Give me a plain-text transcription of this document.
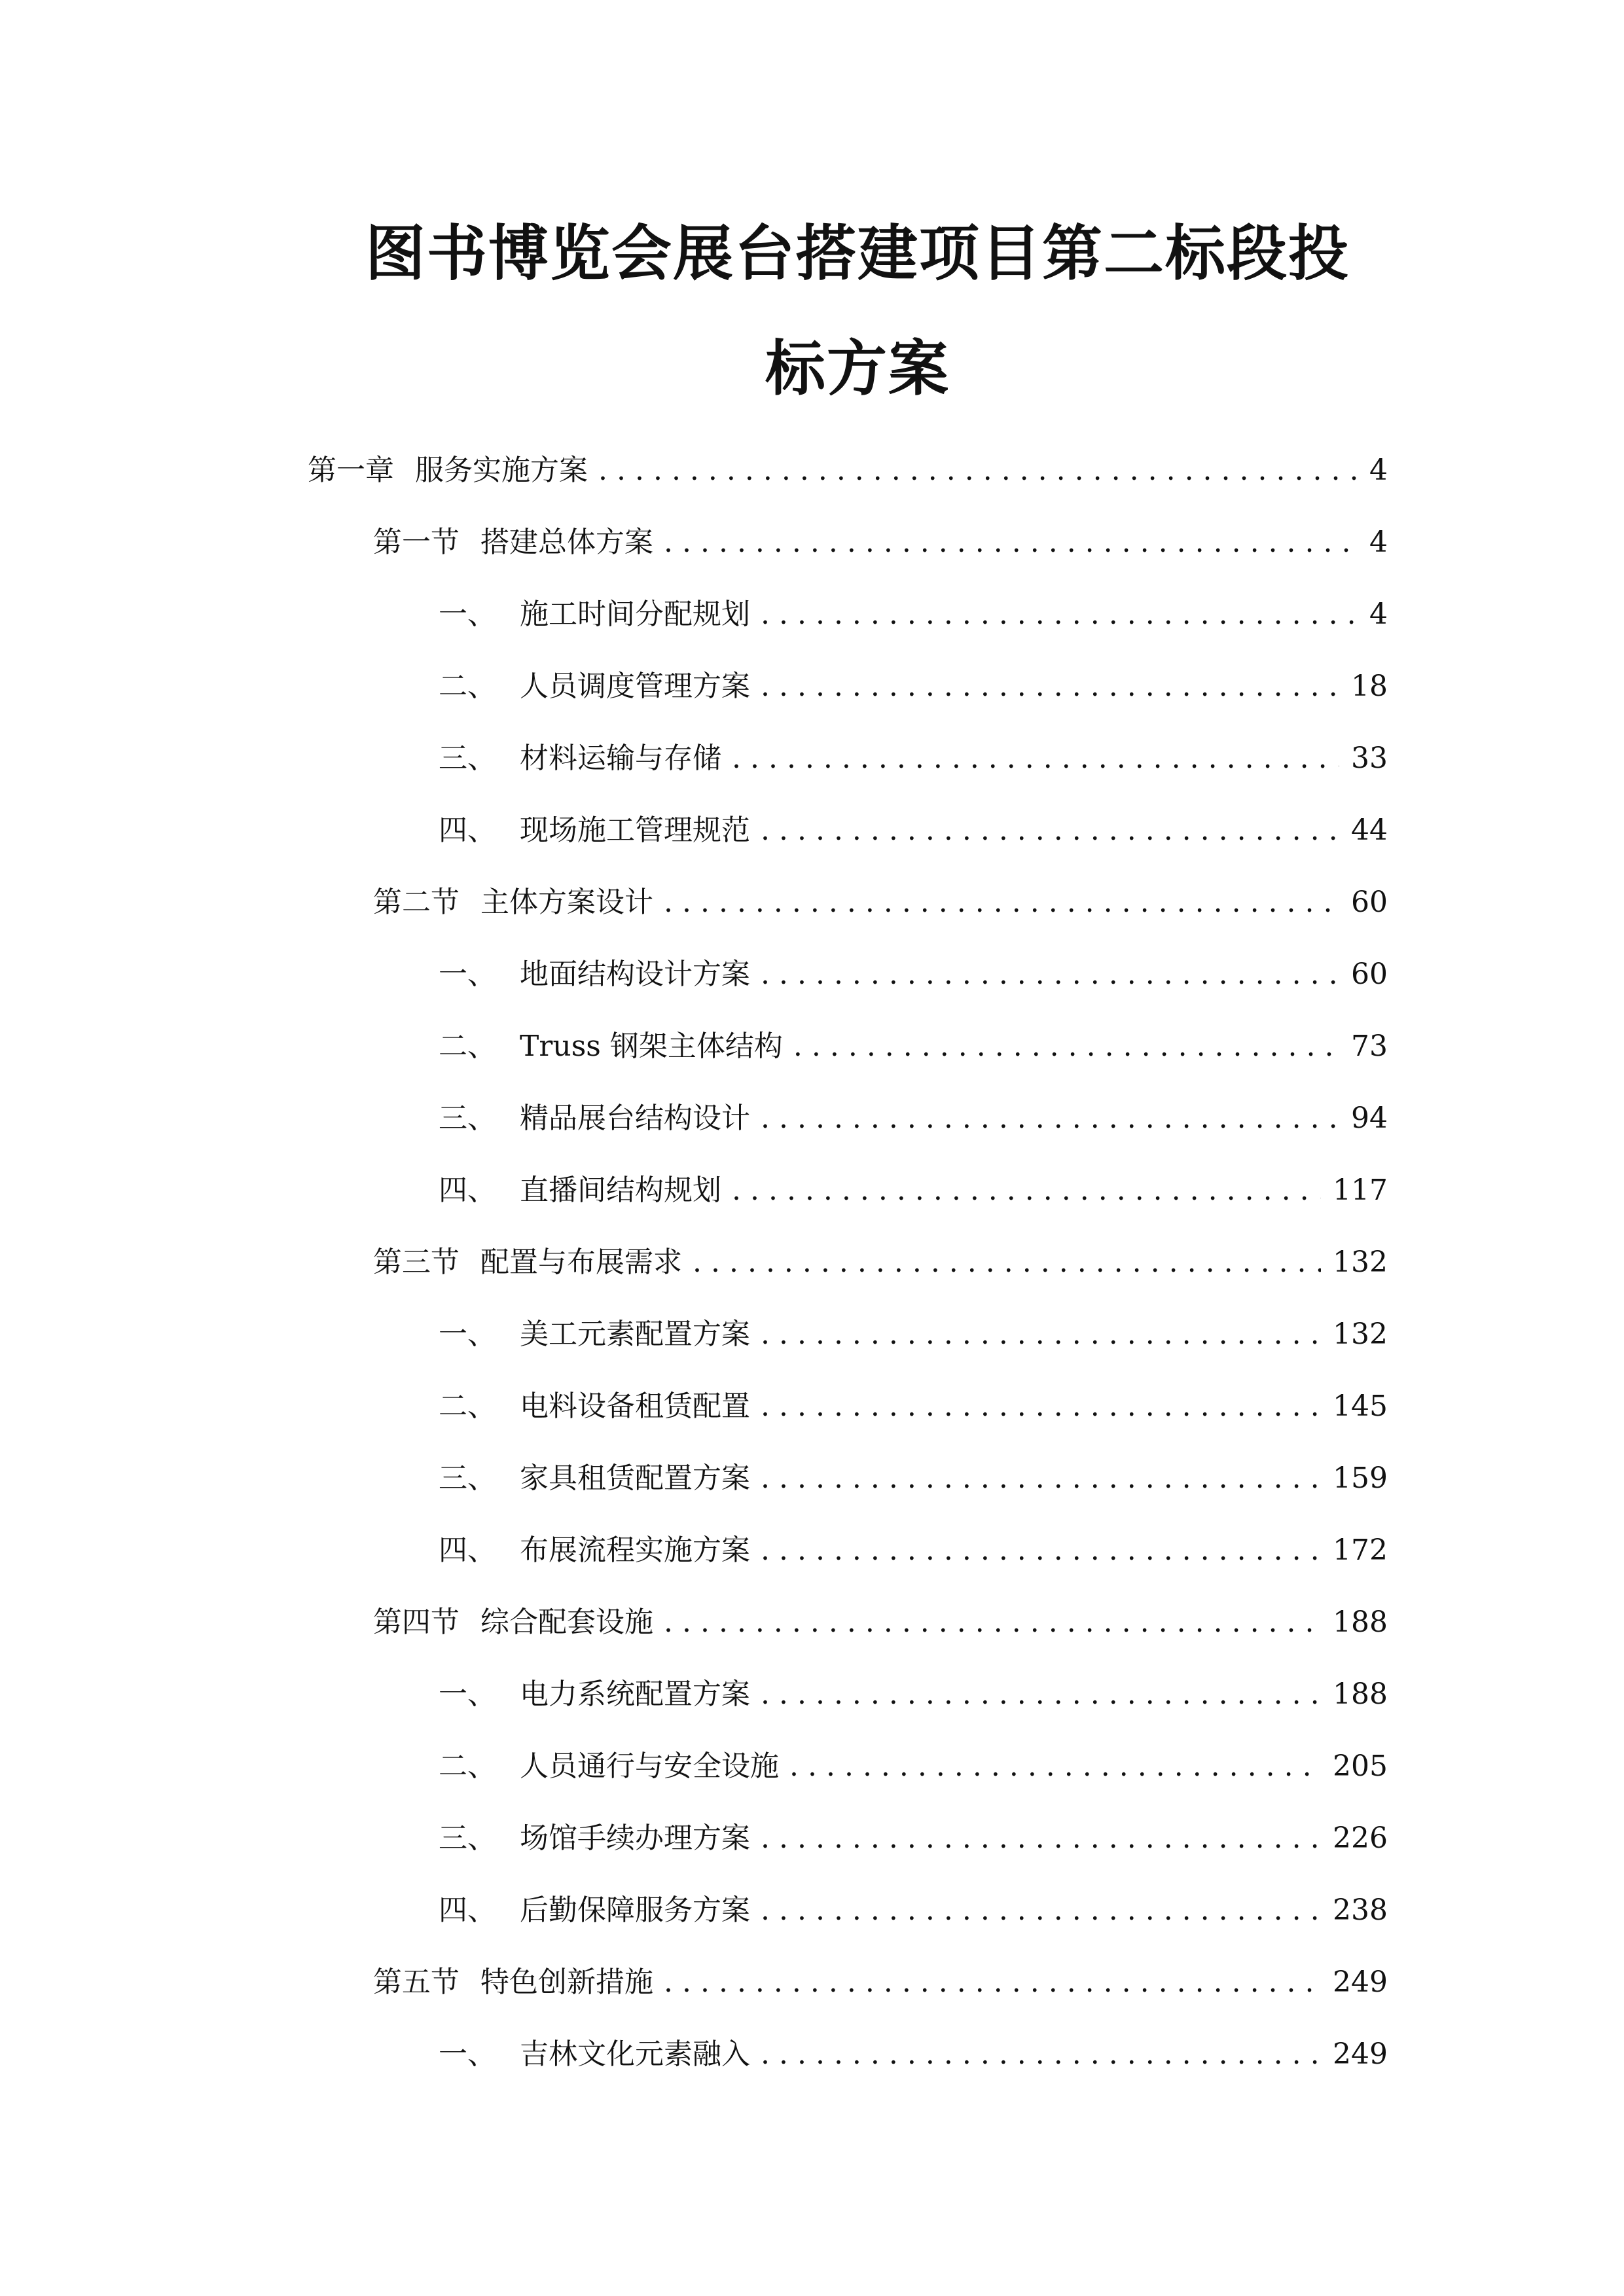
图书博览会展台搭建项目第二标段投
标方案
第一章 服务实施方案 .....	4
第一节 搭建总体方案 .....	4
一、 施工时间分配规划 .....	4
二、 人员调度管理方案 .....	18
三、 材料运输与存储 .....	33
四、 现场施工管理规范 .....	44
第二节 主体方案设计 .....	60
一、 地面结构设计方案 .....	60
二、 Truss 钢架主体结构 .....	73
三、 精品展台结构设计 .....	94
四、 直播间结构规划 .....	117
第三节 配置与布展需求 .....	132
一、 美工元素配置方案 .....	132
二、 电料设备租赁配置 .....	145
三、 家具租赁配置方案 .....	159
四、 布展流程实施方案 .....	172
第四节 综合配套设施 .....	188
一、 电力系统配置方案 .....	188
二、 人员通行与安全设施 .....	205
三、 场馆手续办理方案 .....	226
四、 后勤保障服务方案 .....	238
第五节 特色创新措施 .....	249
一、 吉林文化元素融入 .....	249
